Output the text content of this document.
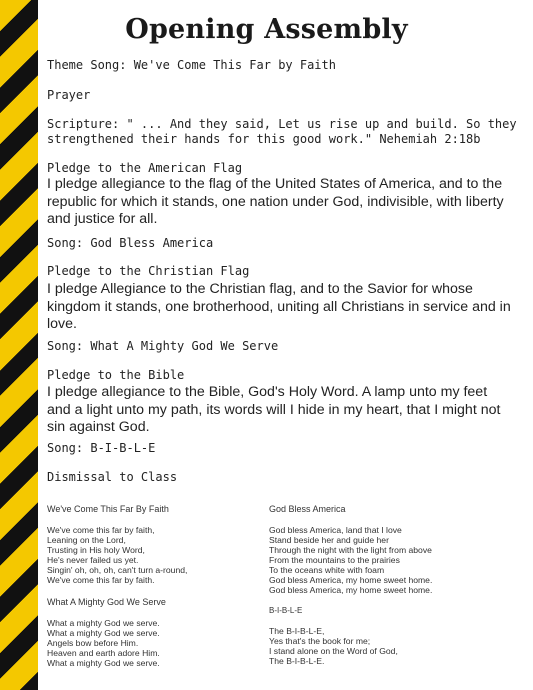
Opening Assembly
Theme Song: We've Come This Far by Faith
Prayer
Scripture: " ... And they said, Let us rise up and build. So they
strengthened their hands for this good work." Nehemiah 2:18b
Pledge to the American Flag
I pledge allegiance to the flag of the United States of America, and to the republic for which it stands, one nation under God, indivisible, with liberty and justice for all.
Song: God Bless America
Pledge to the Christian Flag
I pledge Allegiance to the Christian flag, and to the Savior for whose kingdom it stands, one brotherhood, uniting all Christians in service and in love.
Song: What A Mighty God We Serve
Pledge to the Bible
I pledge allegiance to the Bible, God's Holy Word. A lamp unto my feet and a light unto my path, its words will I hide in my heart, that I might not sin against God.
Song: B-I-B-L-E
Dismissal to Class
We've Come This Far By Faith
We've come this far by faith,
Leaning on the Lord,
Trusting in His holy Word,
He's never failed us yet.
Singin' oh, oh, oh, can't turn a-round,
We've come this far by faith.
What A Mighty God We Serve
What a mighty God we serve.
What a mighty God we serve.
Angels bow before Him.
Heaven and earth adore Him.
What a mighty God we serve.
God Bless America
God bless America, land that I love
Stand beside her and guide her
Through the night with the light from above
From the mountains to the prairies
To the oceans white with foam
God bless America, my home sweet home.
God bless America, my home sweet home.
B-I-B-L-E
The B-I-B-L-E,
Yes that's the book for me;
I stand alone on the Word of God,
The B-I-B-L-E.
